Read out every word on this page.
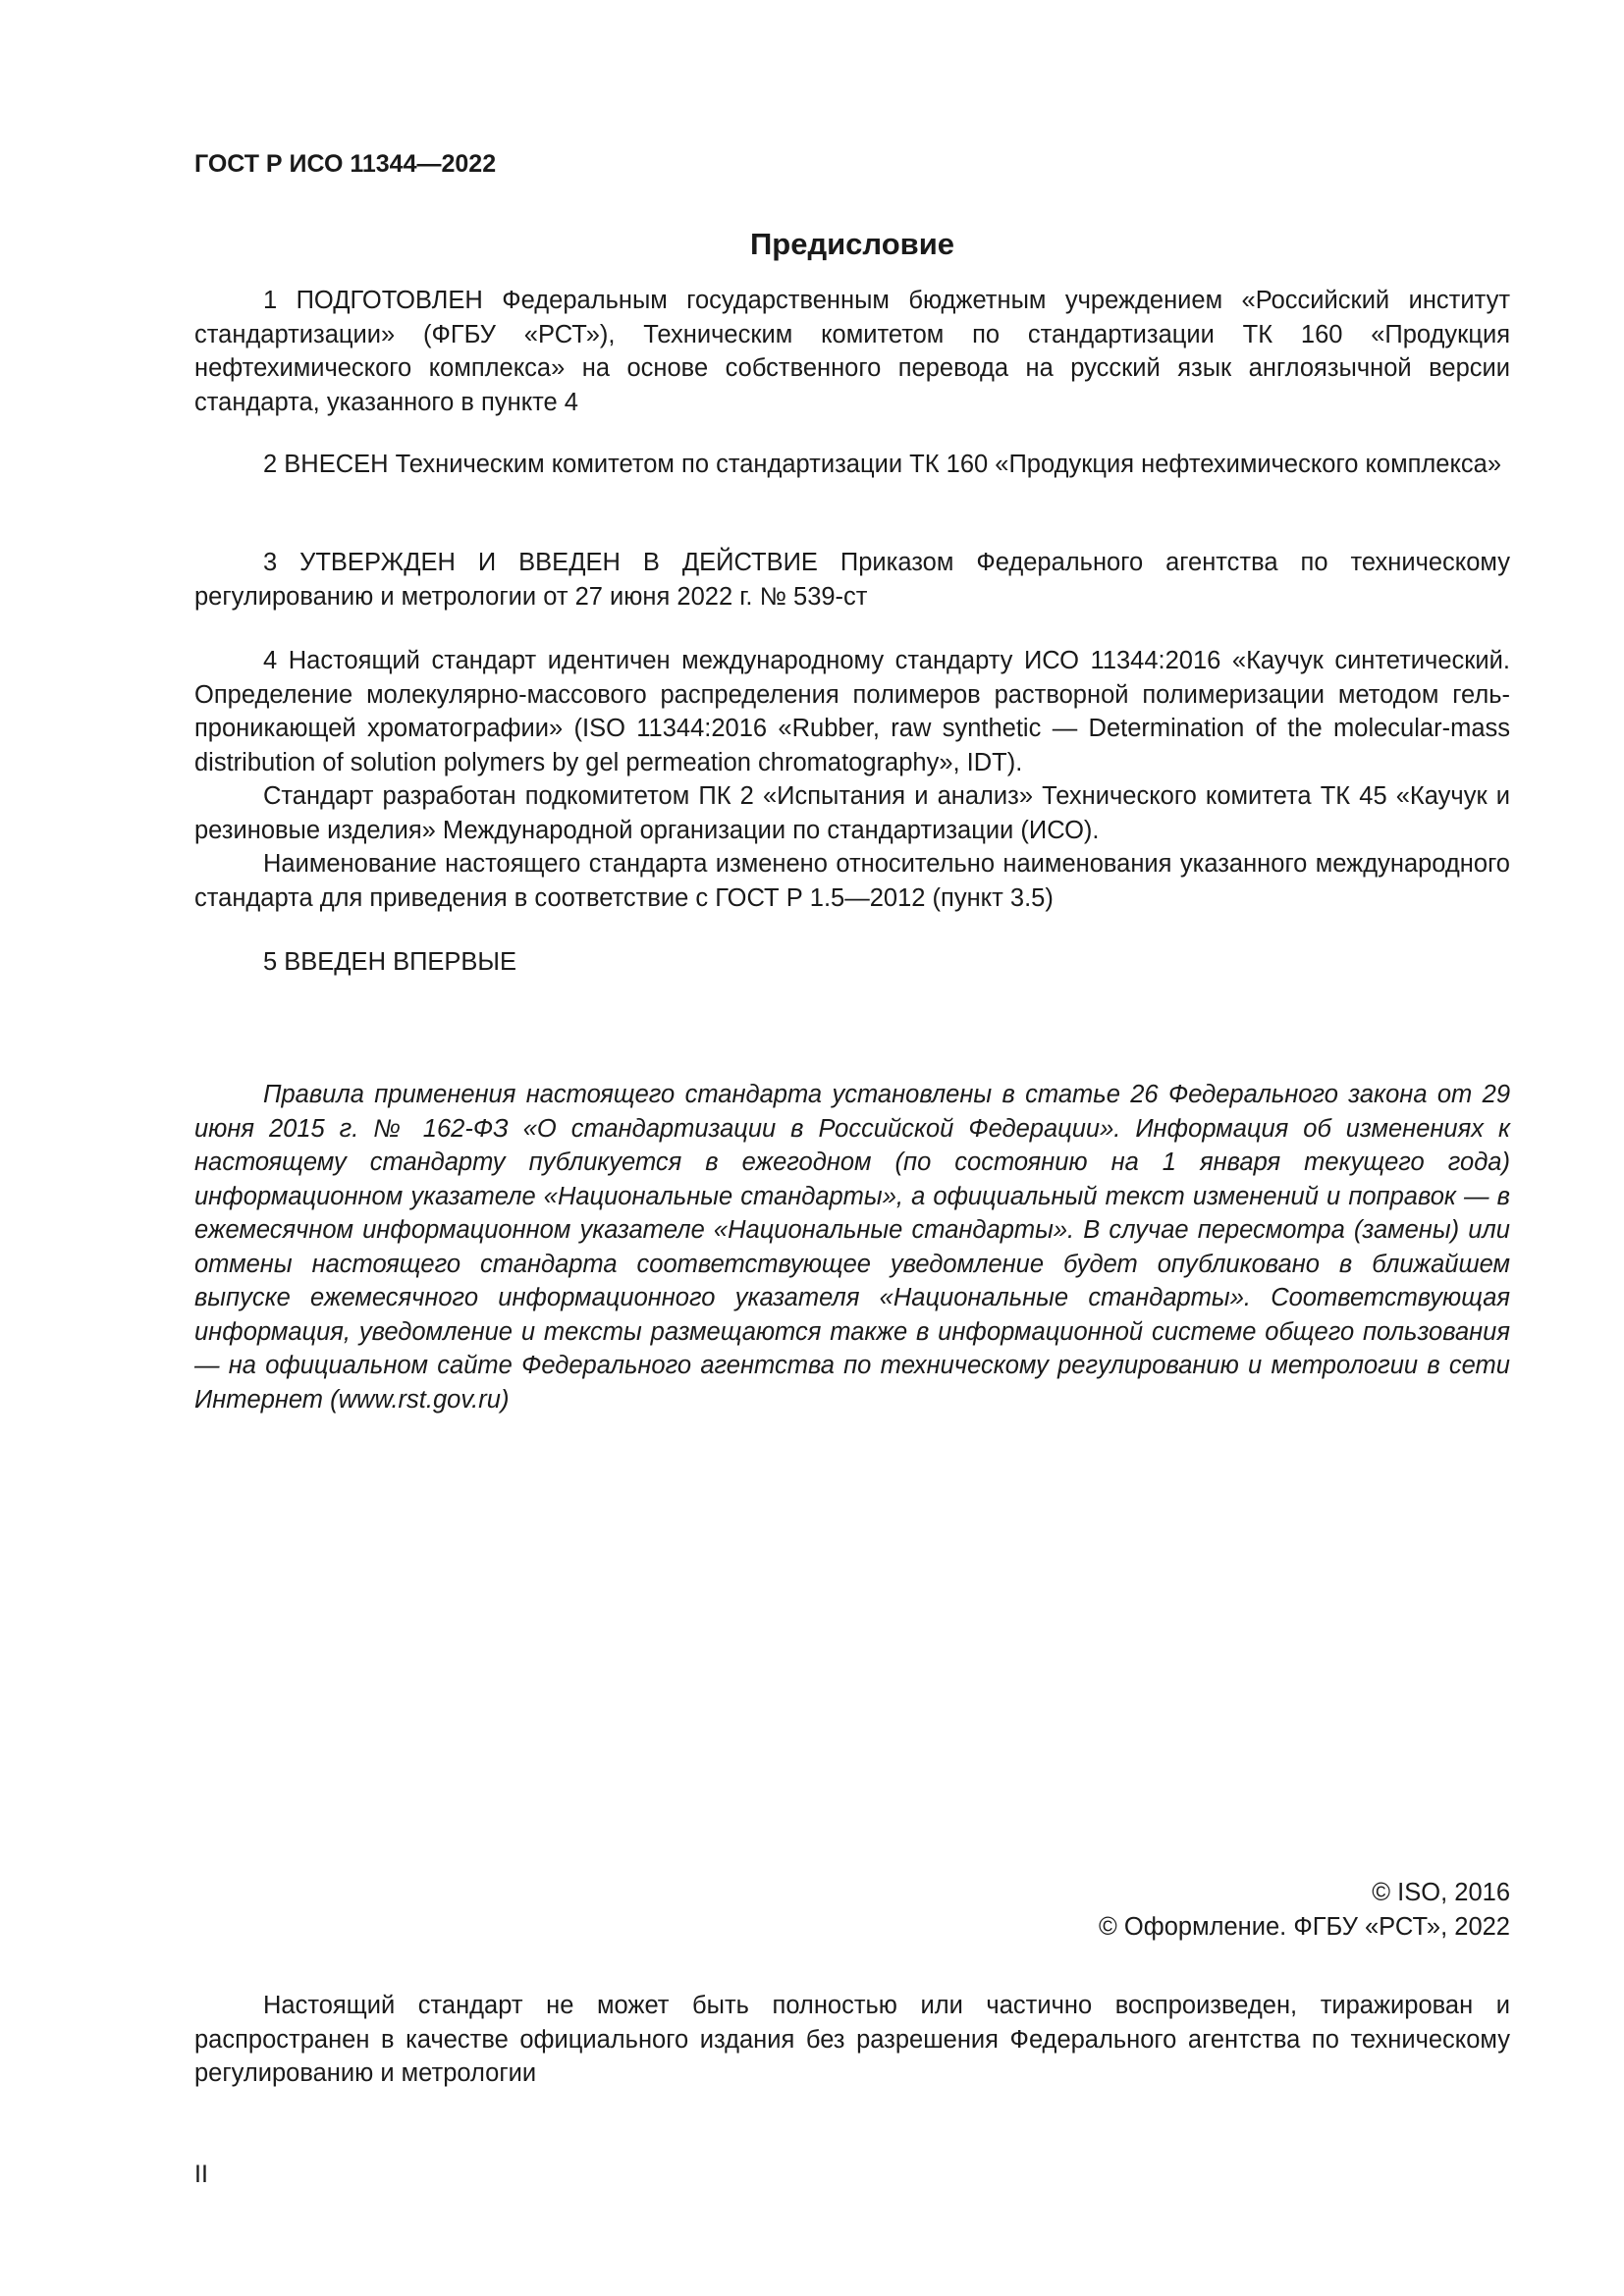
ГОСТ Р ИСО 11344—2022
Предисловие

1 ПОДГОТОВЛЕН Федеральным государственным бюджетным учреждением «Российский институт стандартизации» (ФГБУ «РСТ»), Техническим комитетом по стандартизации ТК 160 «Продукция нефтехимического комплекса» на основе собственного перевода на русский язык англоязычной версии стандарта, указанного в пункте 4

2 ВНЕСЕН Техническим комитетом по стандартизации ТК 160 «Продукция нефтехимического комплекса»

3 УТВЕРЖДЕН И ВВЕДЕН В ДЕЙСТВИЕ Приказом Федерального агентства по техническому регулированию и метрологии от 27 июня 2022 г. № 539-ст

4 Настоящий стандарт идентичен международному стандарту ИСО 11344:2016 «Каучук синтетический. Определение молекулярно-массового распределения полимеров растворной полимеризации методом гель-проникающей хроматографии» (ISO 11344:2016 «Rubber, raw synthetic — Determination of the molecular-mass distribution of solution polymers by gel permeation chromatography», IDT).

Стандарт разработан подкомитетом ПК 2 «Испытания и анализ» Технического комитета ТК 45 «Каучук и резиновые изделия» Международной организации по стандартизации (ИСО).

Наименование настоящего стандарта изменено относительно наименования указанного международного стандарта для приведения в соответствие с ГОСТ Р 1.5—2012 (пункт 3.5)

5 ВВЕДЕН ВПЕРВЫЕ

Правила применения настоящего стандарта установлены в статье 26 Федерального закона от 29 июня 2015 г. № 162-ФЗ «О стандартизации в Российской Федерации». Информация об изменениях к настоящему стандарту публикуется в ежегодном (по состоянию на 1 января текущего года) информационном указателе «Национальные стандарты», а официальный текст изменений и поправок — в ежемесячном информационном указателе «Национальные стандарты». В случае пересмотра (замены) или отмены настоящего стандарта соответствующее уведомление будет опубликовано в ближайшем выпуске ежемесячного информационного указателя «Национальные стандарты». Соответствующая информация, уведомление и тексты размещаются также в информационной системе общего пользования — на официальном сайте Федерального агентства по техническому регулированию и метрологии в сети Интернет (www.rst.gov.ru)

© ISO, 2016
© Оформление. ФГБУ «РСТ», 2022

Настоящий стандарт не может быть полностью или частично воспроизведен, тиражирован и распространен в качестве официального издания без разрешения Федерального агентства по техническому регулированию и метрологии

II
